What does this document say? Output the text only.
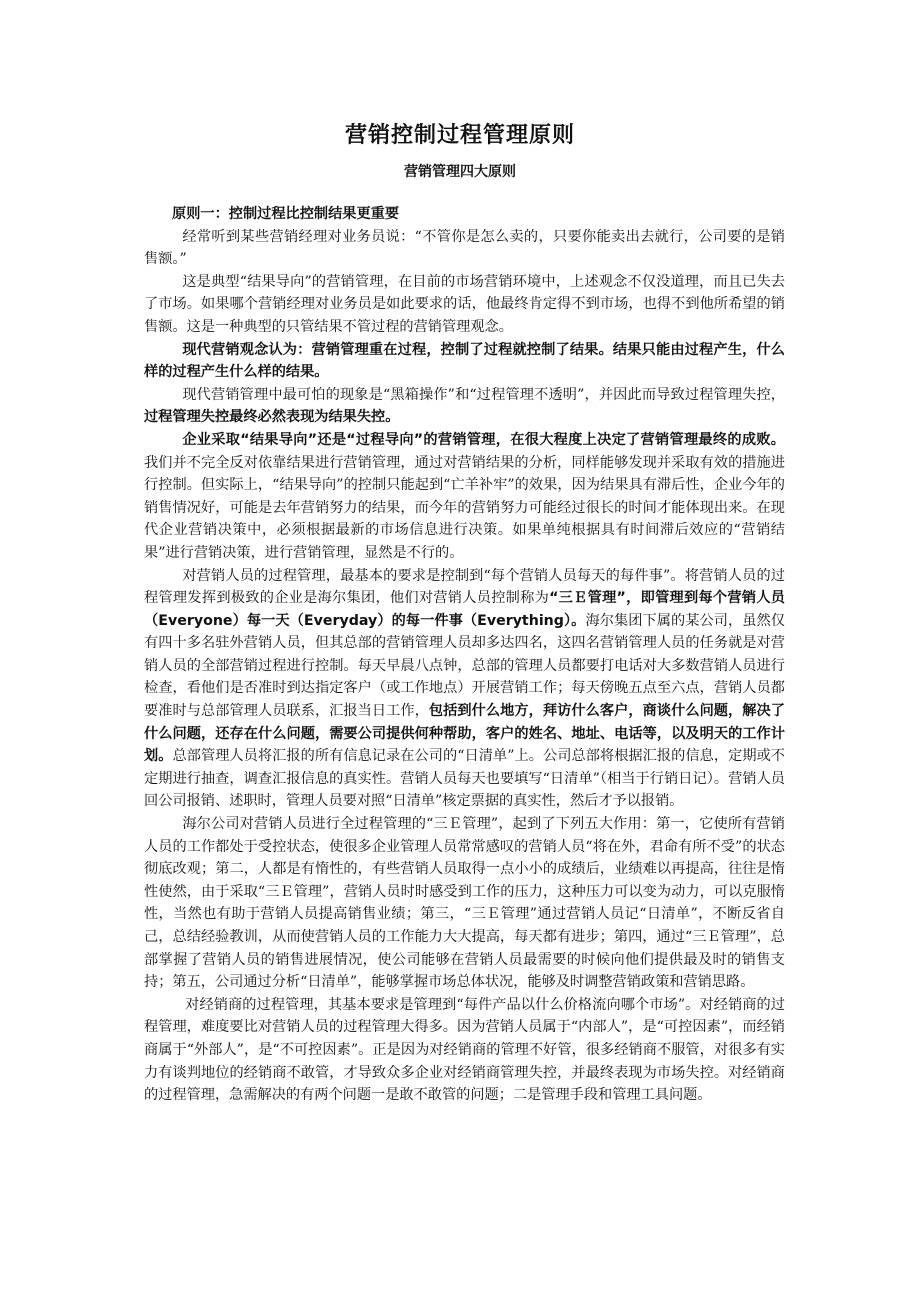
营销控制过程管理原则
营销管理四大原则

原则一：控制过程比控制结果更重要

经常听到某些营销经理对业务员说：“不管你是怎么卖的，只要你能卖出去就行，公司要的是销售额。”

这是典型“结果导向”的营销管理，在目前的市场营销环境中，上述观念不仅没道理，而且已失去了市场。如果哪个营销经理对业务员是如此要求的话，他最终肯定得不到市场，也得不到他所希望的销售额。这是一种典型的只管结果不管过程的营销管理观念。

现代营销观念认为：营销管理重在过程，控制了过程就控制了结果。结果只能由过程产生，什么样的过程产生什么样的结果。

现代营销管理中最可怕的现象是“黑箱操作”和“过程管理不透明”，并因此而导致过程管理失控，过程管理失控最终必然表现为结果失控。

企业采取“结果导向”还是“过程导向”的营销管理，在很大程度上决定了营销管理最终的成败。我们并不完全反对依靠结果进行营销管理，通过对营销结果的分析，同样能够发现并采取有效的措施进行控制。但实际上，“结果导向”的控制只能起到“亡羊补牢”的效果，因为结果具有滞后性，企业今年的销售情况好，可能是去年营销努力的结果，而今年的营销努力可能经过很长的时间才能体现出来。在现代企业营销决策中，必须根据最新的市场信息进行决策。如果单纯根据具有时间滞后效应的“营销结果”进行营销决策，进行营销管理，显然是不行的。

对营销人员的过程管理，最基本的要求是控制到“每个营销人员每天的每件事”。将营销人员的过程管理发挥到极致的企业是海尔集团，他们对营销人员控制称为“三Ｅ管理”，即管理到每个营销人员（Everyone）每一天（Everyday）的每一件事（Everything）。海尔集团下属的某公司，虽然仅有四十多名驻外营销人员，但其总部的营销管理人员却多达四名，这四名营销管理人员的任务就是对营销人员的全部营销过程进行控制。每天早晨八点钟，总部的管理人员都要打电话对大多数营销人员进行检查，看他们是否准时到达指定客户（或工作地点）开展营销工作；每天傍晚五点至六点，营销人员都要准时与总部管理人员联系，汇报当日工作，包括到什么地方，拜访什么客户，商谈什么问题，解决了什么问题，还存在什么问题，需要公司提供何种帮助，客户的姓名、地址、电话等，以及明天的工作计划。总部管理人员将汇报的所有信息记录在公司的“日清单”上。公司总部将根据汇报的信息，定期或不定期进行抽查，调查汇报信息的真实性。营销人员每天也要填写“日清单”（相当于行销日记）。营销人员回公司报销、述职时，管理人员要对照“日清单”核定票据的真实性，然后才予以报销。

海尔公司对营销人员进行全过程管理的“三Ｅ管理”，起到了下列五大作用：第一，它使所有营销人员的工作都处于受控状态，使很多企业管理人员常常感叹的营销人员“将在外，君命有所不受”的状态彻底改观；第二，人都是有惰性的，有些营销人员取得一点小小的成绩后，业绩难以再提高，往往是惰性使然，由于采取“三Ｅ管理”，营销人员时时感受到工作的压力，这种压力可以变为动力，可以克服惰性，当然也有助于营销人员提高销售业绩；第三，“三Ｅ管理”通过营销人员记“日清单”，不断反省自己，总结经验教训，从而使营销人员的工作能力大大提高，每天都有进步；第四，通过“三Ｅ管理”，总部掌握了营销人员的销售进展情况，使公司能够在营销人员最需要的时候向他们提供最及时的销售支持；第五，公司通过分析“日清单”，能够掌握市场总体状况，能够及时调整营销政策和营销思路。

对经销商的过程管理，其基本要求是管理到“每件产品以什么价格流向哪个市场”。对经销商的过程管理，难度要比对营销人员的过程管理大得多。因为营销人员属于“内部人”，是“可控因素”，而经销商属于“外部人”，是“不可控因素”。正是因为对经销商的管理不好管，很多经销商不服管，对很多有实力有谈判地位的经销商不敢管，才导致众多企业对经销商管理失控，并最终表现为市场失控。对经销商的过程管理，急需解决的有两个问题一是敢不敢管的问题；二是管理手段和管理工具问题。
